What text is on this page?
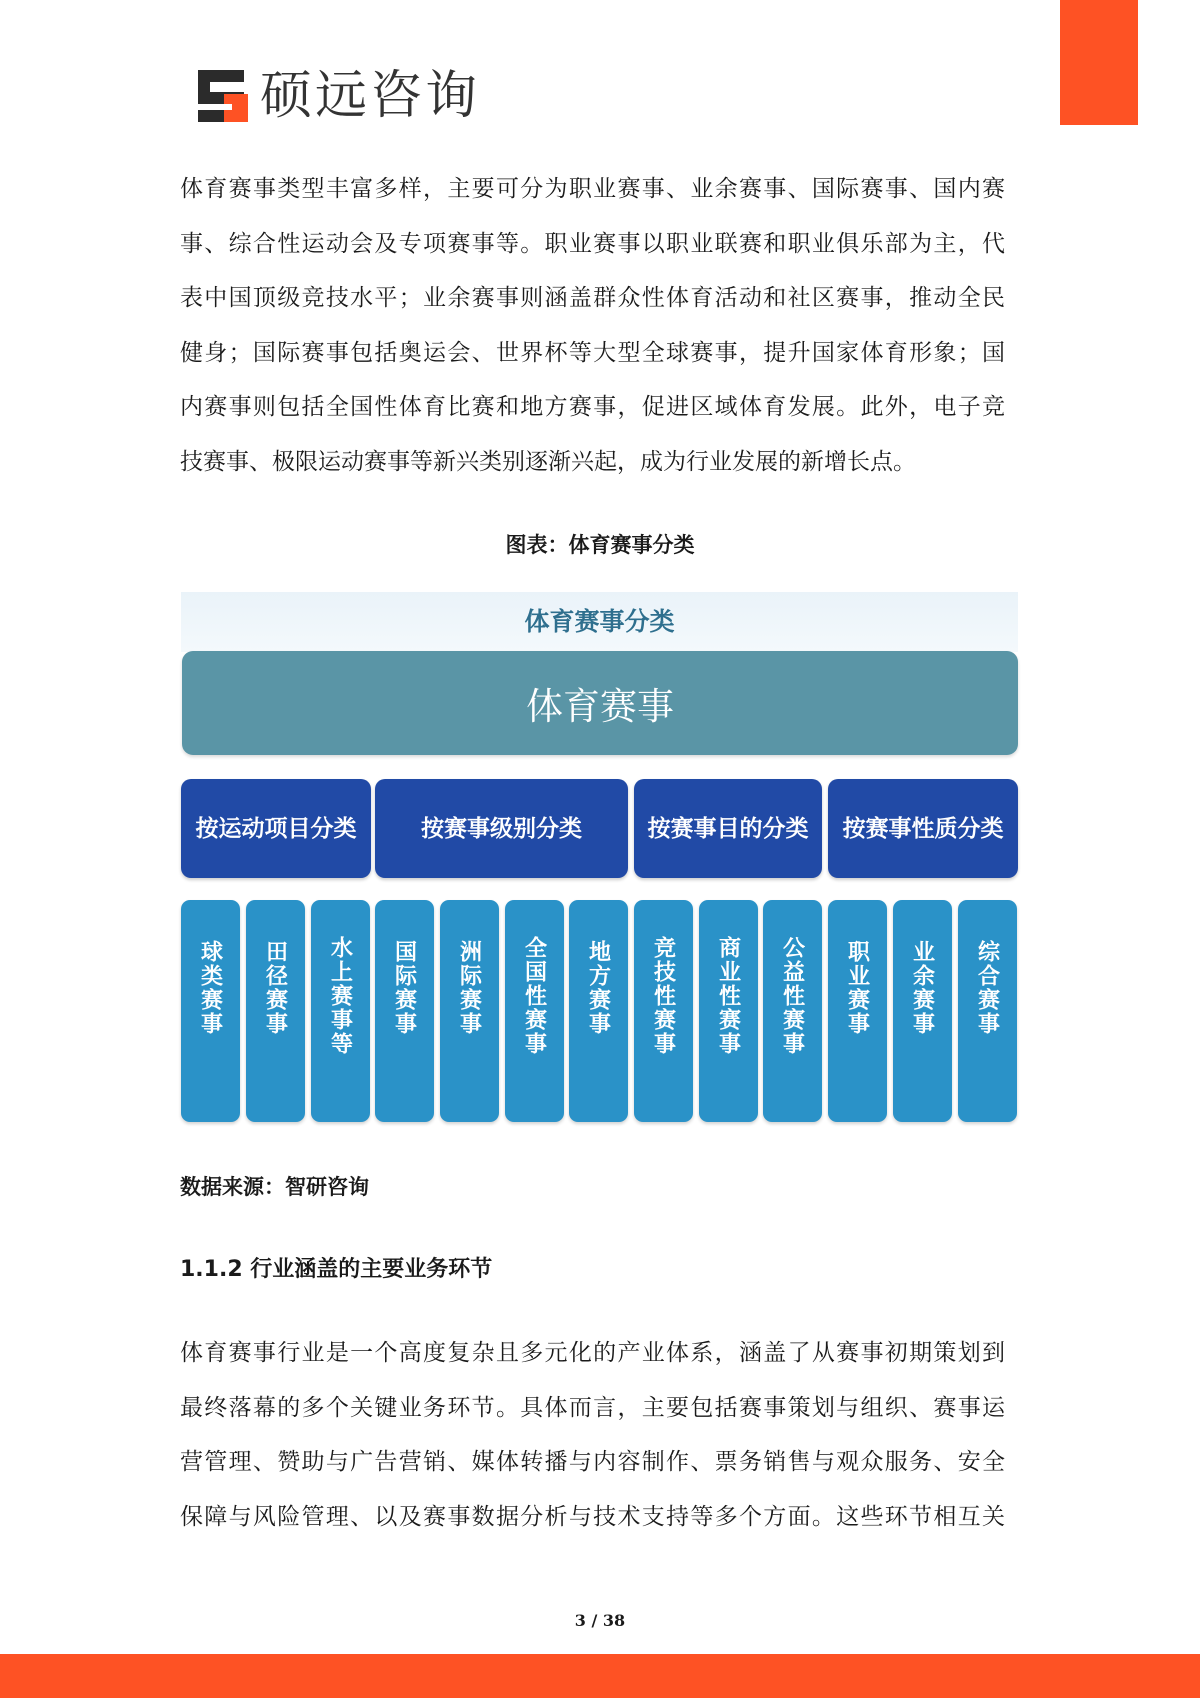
硕远咨询

体育赛事类型丰富多样，主要可分为职业赛事、业余赛事、国际赛事、国内赛

事、综合性运动会及专项赛事等。职业赛事以职业联赛和职业俱乐部为主，代

表中国顶级竞技水平；业余赛事则涵盖群众性体育活动和社区赛事，推动全民

健身；国际赛事包括奥运会、世界杯等大型全球赛事，提升国家体育形象；国

内赛事则包括全国性体育比赛和地方赛事，促进区域体育发展。此外，电子竞

技赛事、极限运动赛事等新兴类别逐渐兴起，成为行业发展的新增长点。

图表：体育赛事分类
体育赛事分类
体育赛事
按运动项目分类	按赛事级别分类	按赛事目的分类	按赛事性质分类
球类赛事 田径赛事 水上赛事等 国际赛事 洲际赛事 全国性赛事 地方赛事 竞技性赛事 商业性赛事 公益性赛事 职业赛事 业余赛事 综合赛事
数据来源：智研咨询
1.1.2 行业涵盖的主要业务环节

体育赛事行业是一个高度复杂且多元化的产业体系，涵盖了从赛事初期策划到

最终落幕的多个关键业务环节。具体而言，主要包括赛事策划与组织、赛事运

营管理、赞助与广告营销、媒体转播与内容制作、票务销售与观众服务、安全

保障与风险管理、以及赛事数据分析与技术支持等多个方面。这些环节相互关

3 / 38
